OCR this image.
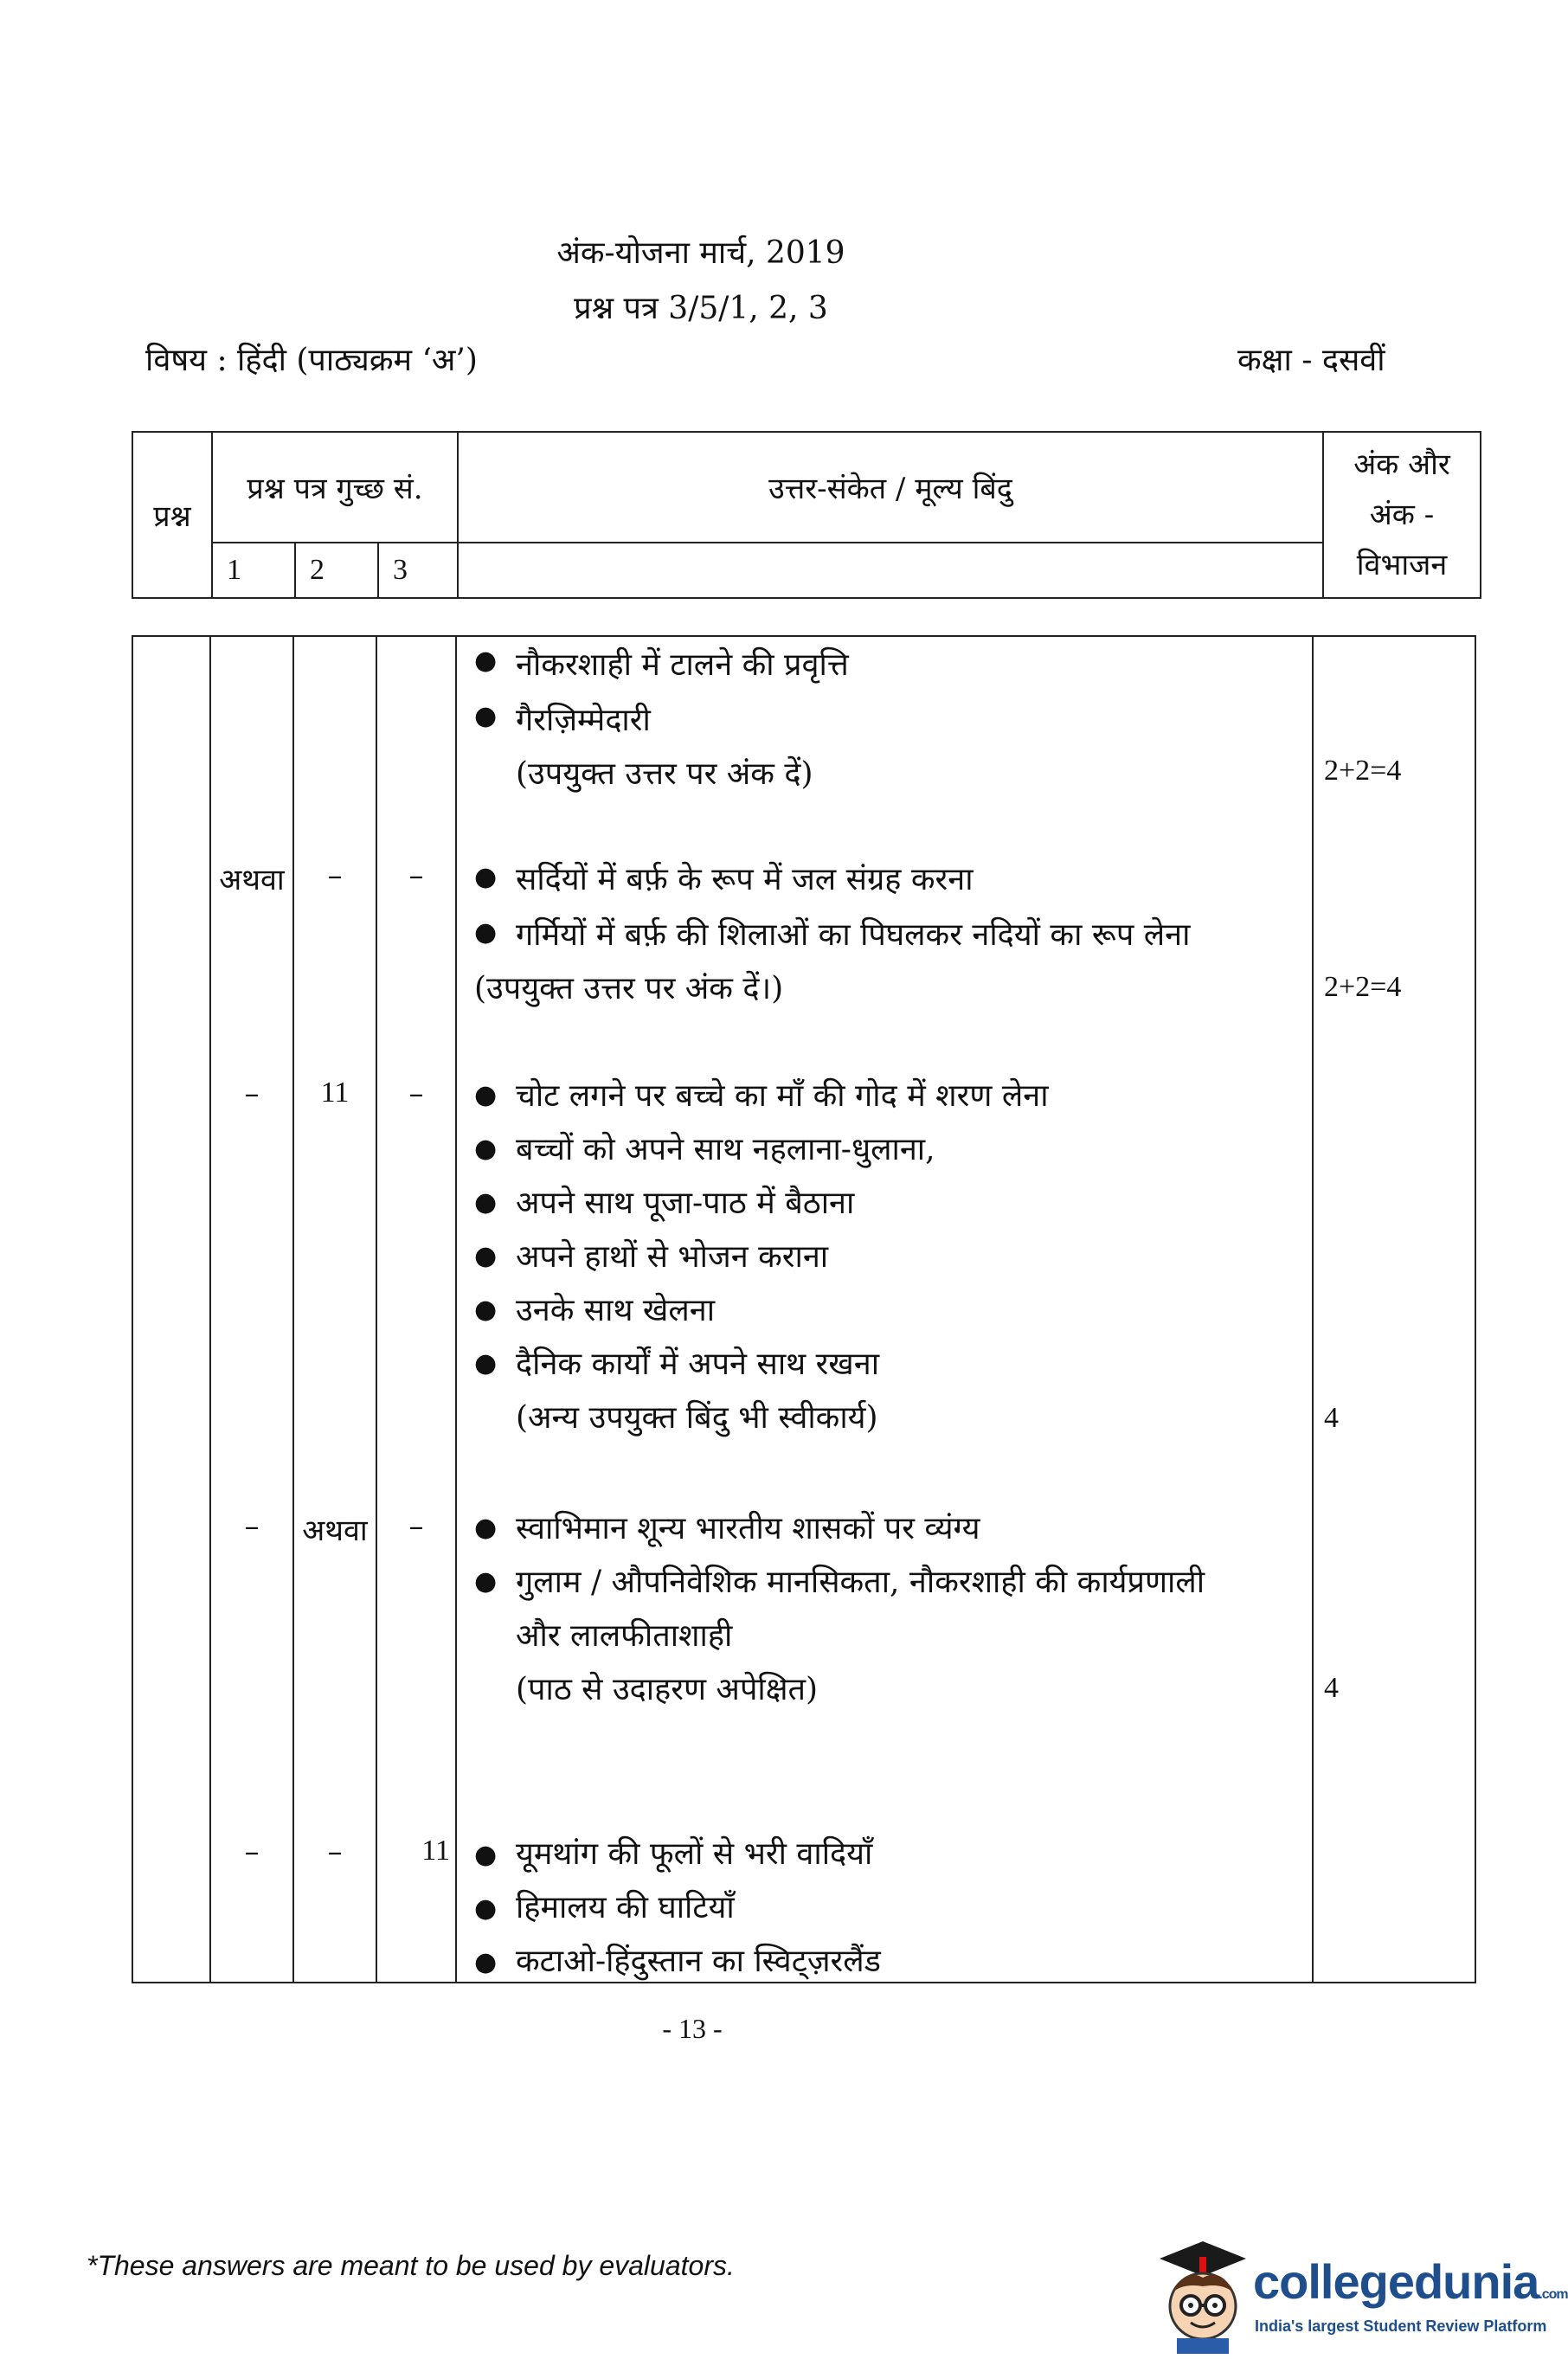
अंक-योजना मार्च, 2019
प्रश्न पत्र 3/5/1, 2, 3
विषय : हिंदी (पाठ्यक्रम ‘अ’)	कक्षा - दसवीं
प्रश्न	प्रश्न पत्र गुच्छ सं.			उत्तर-संकेत / मूल्य बिंदु	अंक और
अंक -
विभाजन

	1	2	3		
● नौकरशाही में टालने की प्रवृत्ति
● गैरज़िम्मेदारी
(उपयुक्त उत्तर पर अंक दें)	2+2=4
अथवा	–	–	● सर्दियों में बर्फ़ के रूप में जल संग्रह करना
● गर्मियों में बर्फ़ की शिलाओं का पिघलकर नदियों का रूप लेना
(उपयुक्त उत्तर पर अंक दें।)	2+2=4
–	11	–	● चोट लगने पर बच्चे का माँ की गोद में शरण लेना
● बच्चों को अपने साथ नहलाना-धुलाना,
● अपने साथ पूजा-पाठ में बैठाना
● अपने हाथों से भोजन कराना
● उनके साथ खेलना
● दैनिक कार्यों में अपने साथ रखना
(अन्य उपयुक्त बिंदु भी स्वीकार्य)	4
–	अथवा	–	● स्वाभिमान शून्य भारतीय शासकों पर व्यंग्य
● गुलाम / औपनिवेशिक मानसिकता, नौकरशाही की कार्यप्रणाली
और लालफीताशाही
(पाठ से उदाहरण अपेक्षित)	4
–	–	11 ● यूमथांग की फूलों से भरी वादियाँ
● हिमालय की घाटियाँ
● कटाओ-हिंदुस्तान का स्विट्ज़रलैंड
- 13 -
*These answers are meant to be used by evaluators.	collegedunia.com
India's largest Student Review Platform
